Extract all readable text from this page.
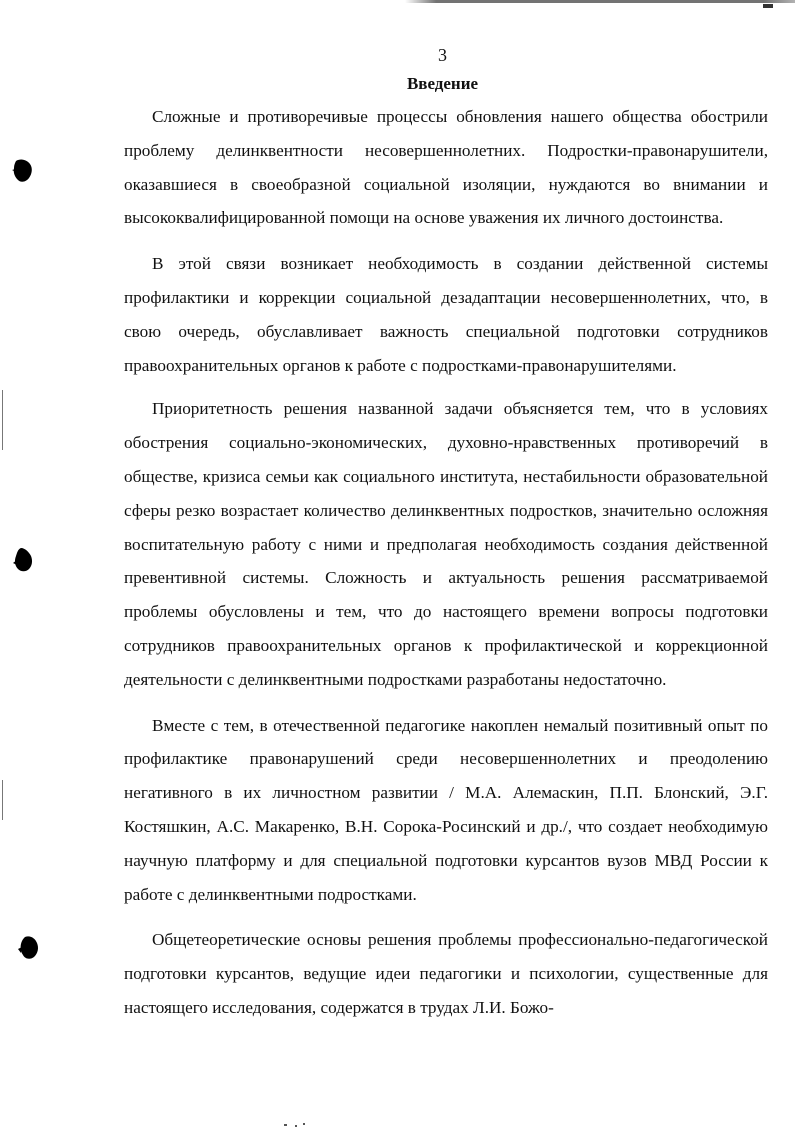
3
Введение

Сложные и противоречивые процессы обновления нашего общества обострили проблему делинквентности несовершеннолетних. Подростки-правонарушители, оказавшиеся в своеобразной социальной изоляции, нуждаются во внимании и высококвалифицированной помощи на основе уважения их личного достоинства.

В этой связи возникает необходимость в создании действенной системы профилактики и коррекции социальной дезадаптации несовершеннолетних, что, в свою очередь, обуславливает важность специальной подготовки сотрудников правоохранительных органов к работе с подростками-правонарушителями.

Приоритетность решения названной задачи объясняется тем, что в условиях обострения социально-экономических, духовно-нравственных противоречий в обществе, кризиса семьи как социального института, нестабильности образовательной сферы резко возрастает количество делинквентных подростков, значительно осложняя воспитательную работу с ними и предполагая необходимость создания действенной превентивной системы. Сложность и актуальность решения рассматриваемой проблемы обусловлены и тем, что до настоящего времени вопросы подготовки сотрудников правоохранительных органов к профилактической и коррекционной деятельности с делинквентными подростками разработаны недостаточно.

Вместе с тем, в отечественной педагогике накоплен немалый позитивный опыт по профилактике правонарушений среди несовершеннолетних и преодолению негативного в их личностном развитии / М.А. Алемаскин, П.П. Блонский, Э.Г. Костяшкин, А.С. Макаренко, В.Н. Сорока-Росинский и др./, что создает необходимую научную платформу и для специальной подготовки курсантов вузов МВД России к работе с делинквентными подростками.

Общетеоретические основы решения проблемы профессионально-педагогической подготовки курсантов, ведущие идеи педагогики и психологии, существенные для настоящего исследования, содержатся в трудах Л.И. Божо-
